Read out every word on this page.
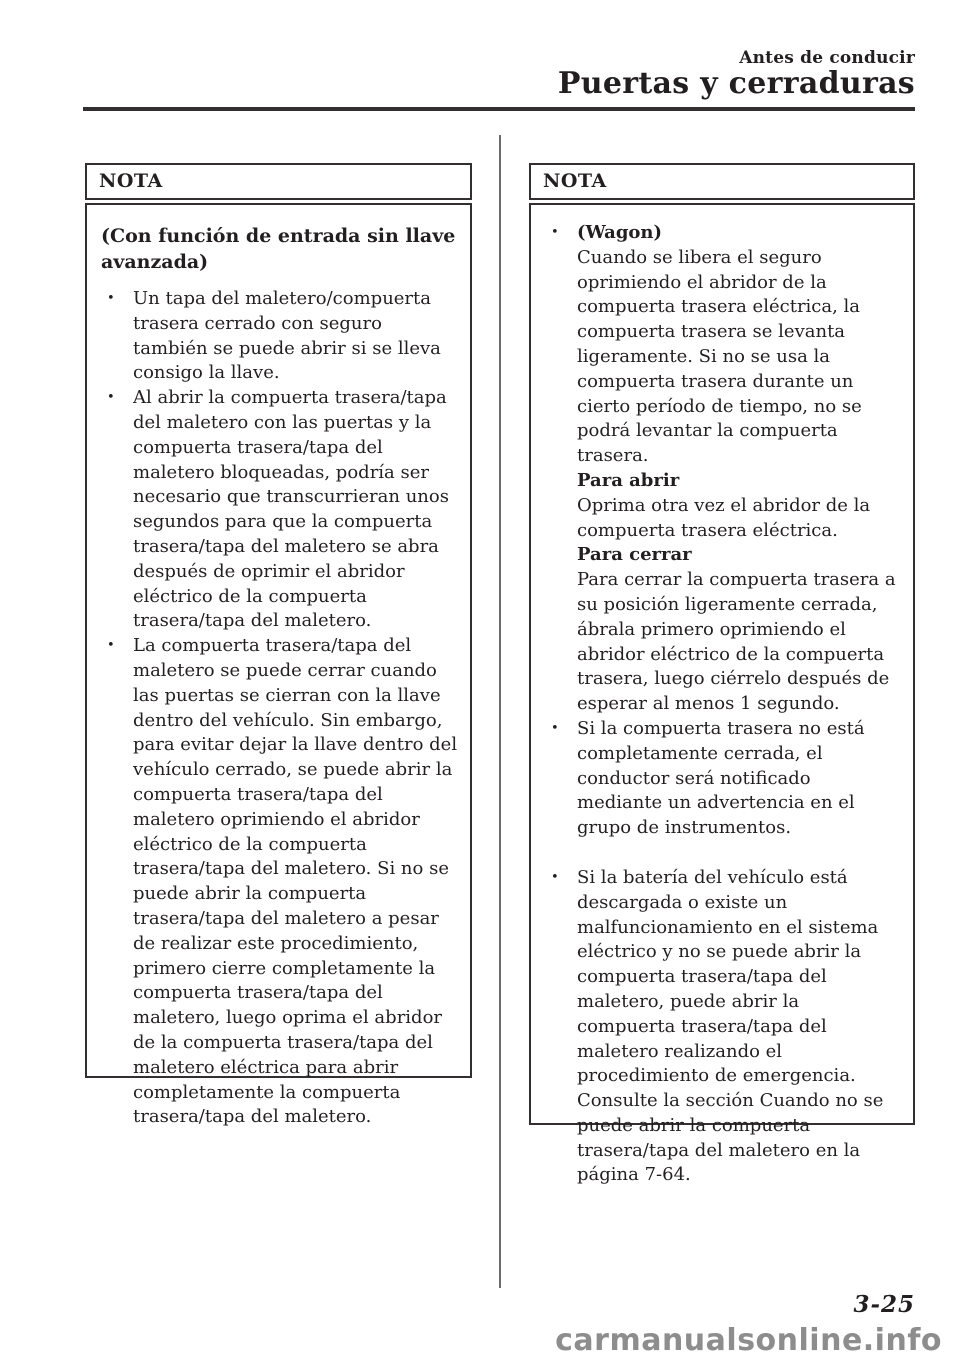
Antes de conducir
Puertas y cerraduras
NOTA
(Con función de entrada sin llave avanzada)
•	Un tapa del maletero/compuerta trasera cerrado con seguro también se puede abrir si se lleva consigo la llave.
•	Al abrir la compuerta trasera/tapa del maletero con las puertas y la compuerta trasera/tapa del maletero bloqueadas, podría ser necesario que transcurrieran unos segundos para que la compuerta trasera/tapa del maletero se abra después de oprimir el abridor eléctrico de la compuerta trasera/tapa del maletero.
•	La compuerta trasera/tapa del maletero se puede cerrar cuando las puertas se cierran con la llave dentro del vehículo. Sin embargo, para evitar dejar la llave dentro del vehículo cerrado, se puede abrir la compuerta trasera/tapa del maletero oprimiendo el abridor eléctrico de la compuerta trasera/tapa del maletero. Si no se puede abrir la compuerta trasera/tapa del maletero a pesar de realizar este procedimiento, primero cierre completamente la compuerta trasera/tapa del maletero, luego oprima el abridor de la compuerta trasera/tapa del maletero eléctrica para abrir completamente la compuerta trasera/tapa del maletero.
NOTA
•	(Wagon)
Cuando se libera el seguro oprimiendo el abridor de la compuerta trasera eléctrica, la compuerta trasera se levanta ligeramente. Si no se usa la compuerta trasera durante un cierto período de tiempo, no se podrá levantar la compuerta trasera.
Para abrir
Oprima otra vez el abridor de la compuerta trasera eléctrica.
Para cerrar
Para cerrar la compuerta trasera a su posición ligeramente cerrada, ábrala primero oprimiendo el abridor eléctrico de la compuerta trasera, luego ciérrelo después de esperar al menos 1 segundo.
•	Si la compuerta trasera no está completamente cerrada, el conductor será notificado mediante un advertencia en el grupo de instrumentos.
•	Si la batería del vehículo está descargada o existe un malfuncionamiento en el sistema eléctrico y no se puede abrir la compuerta trasera/tapa del maletero, puede abrir la compuerta trasera/tapa del maletero realizando el procedimiento de emergencia. Consulte la sección Cuando no se puede abrir la compuerta trasera/tapa del maletero en la página 7-64.
3-25
carmanualsonline.info
